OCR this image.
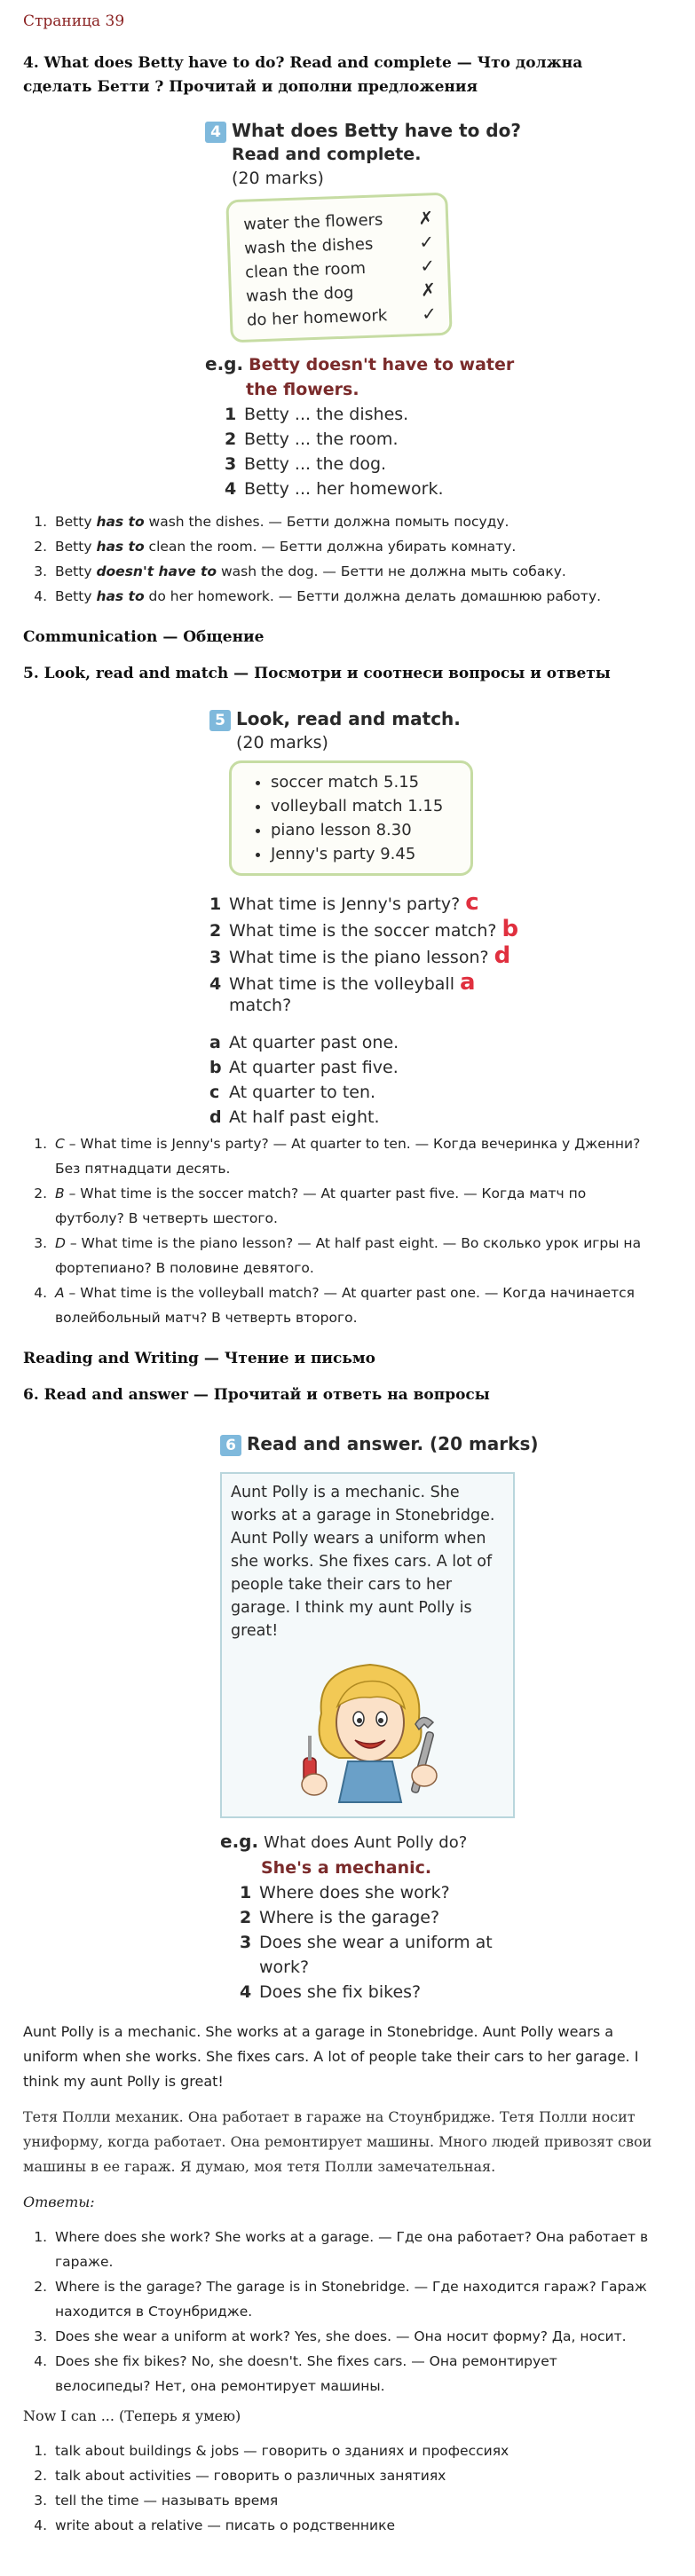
Страница 39
4. What does Betty have to do? Read and complete — Что должна
сделать Бетти ? Прочитай и дополни предложения
4 What does Betty have to do?
Read and complete.
(20 marks)
water the flowers ✗
wash the dishes	✓
clean the room	✓
wash the dog	✗
do her homework ✓
e.g. Betty doesn't have to water
the flowers.
1 Betty ... the dishes.
2 Betty ... the room.
3 Betty ... the dog.
4 Betty ... her homework.
1. Betty has to wash the dishes. — Бетти должна помыть посуду.
2. Betty has to clean the room. — Бетти должна убирать комнату.
3. Betty doesn't have to wash the dog. — Бетти не должна мыть собаку.
4. Betty has to do her homework. — Бетти должна делать домашнюю работу.
Communication — Общение
5. Look, read and match — Посмотри и соотнеси вопросы и ответы
5 Look, read and match.
(20 marks)
• soccer match 5.15
• volleyball match 1.15
• piano lesson 8.30
• Jenny's party 9.45
1 What time is Jenny's party? c
2 What time is the soccer match? b
3 What time is the piano lesson? d
4 What time is the volleyball a
match?
a At quarter past one.
b At quarter past five.
c At quarter to ten.
d At half past eight.
1. C – What time is Jenny's party? — At quarter to ten. — Когда вечеринка у Дженни?
Без пятнадцати десять.
2. B – What time is the soccer match? — At quarter past five. — Когда матч по
футболу? В четверть шестого.
3. D – What time is the piano lesson? — At half past eight. — Во сколько урок игры на
фортепиано? В половине девятого.
4. A – What time is the volleyball match? — At quarter past one. — Когда начинается
волейбольный матч? В четверть второго.
Reading and Writing — Чтение и письмо
6. Read and answer — Прочитай и ответь на вопросы
6 Read and answer. (20 marks)
Aunt Polly is a mechanic. She
works at a garage in Stonebridge.
Aunt Polly wears a uniform when
she works. She fixes cars. A lot of
people take their cars to her
garage. I think my aunt Polly is
great!
e.g. What does Aunt Polly do?
She's a mechanic.
1 Where does she work?
2 Where is the garage?
3 Does she wear a uniform at
work?
4 Does she fix bikes?
Aunt Polly is a mechanic. She works at a garage in Stonebridge. Aunt Polly wears a
uniform when she works. She fixes cars. A lot of people take their cars to her garage. I
think my aunt Polly is great!
Тетя Полли механик. Она работает в гараже на Стоунбридже. Тетя Полли носит
униформу, когда работает. Она ремонтирует машины. Много людей привозят свои
машины в ее гараж. Я думаю, моя тетя Полли замечательная.
Ответы:
1. Where does she work? She works at a garage. — Где она работает? Она работает в
гараже.
2. Where is the garage? The garage is in Stonebridge. — Где находится гараж? Гараж
находится в Стоунбридже.
3. Does she wear a uniform at work? Yes, she does. — Она носит форму? Да, носит.
4. Does she fix bikes? No, she doesn't. She fixes cars. — Она ремонтирует
велосипеды? Нет, она ремонтирует машины.
Now I can ... (Теперь я умею)
1. talk about buildings & jobs — говорить о зданиях и профессиях
2. talk about activities — говорить о различных занятиях
3. tell the time — называть время
4. write about a relative — писать о родственнике
